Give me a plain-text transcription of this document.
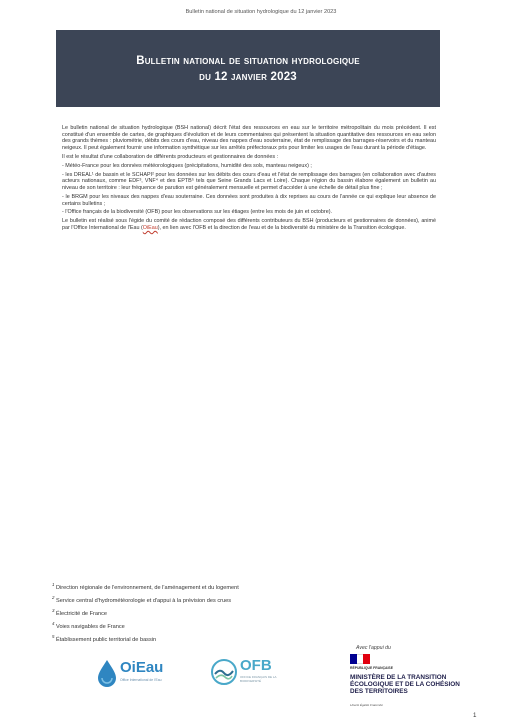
Bulletin national de situation hydrologique du 12 janvier 2023
Bulletin national de situation hydrologique
du 12 janvier 2023

Le bulletin national de situation hydrologique (BSH national) décrit l'état des ressources en eau sur le territoire métropolitain du mois précédent. Il est constitué d'un ensemble de cartes, de graphiques d'évolution et de leurs commentaires qui présentent la situation quantitative des ressources en eau selon des grands thèmes : pluviométrie, débits des cours d'eau, niveau des nappes d'eau souterraine, état de remplissage des barrages-réservoirs et du manteau neigeux. Il peut également fournir une information synthétique sur les arrêtés préfectoraux pris pour limiter les usages de l'eau durant la période d'étiage.

Il est le résultat d'une collaboration de différents producteurs et gestionnaires de données :

- Météo-France pour les données météorologiques (précipitations, humidité des sols, manteau neigeux) ;
- les DREAL¹ de bassin et le SCHAPI² pour les données sur les débits des cours d'eau et l'état de remplissage des barrages (en collaboration avec d'autres acteurs nationaux, comme EDF³, VNF⁴ et des EPTB⁵ tels que Seine Grands Lacs et Loire). Chaque région du bassin élabore également un bulletin au niveau de son territoire : leur fréquence de parution est généralement mensuelle et permet d'accéder à une échelle de détail plus fine ;
- le BRGM pour les niveaux des nappes d'eau souterraine. Ces données sont produites à dix reprises au cours de l'année ce qui explique leur absence de certains bulletins ;
- l'Office français de la biodiversité (OFB) pour les observations sur les étiages (entre les mois de juin et octobre).

Le bulletin est réalisé sous l'égide du comité de rédaction composé des différents contributeurs du BSH (producteurs et gestionnaires de données), animé par l'Office International de l'Eau (OiEau), en lien avec l'OFB et la direction de l'eau et de la biodiversité du ministère de la Transition écologique.

$^1$ Direction régionale de l'environnement, de l'aménagement et du logement
$^2$ Service central d'hydrométéorologie et d'appui à la prévision des crues
$^3$ Électricité de France
$^4$ Voies navigables de France
$^5$ Établissement public territorial de bassin
Avec l'appui du
OiEau
Office International de l'Eau
OFB
OFFICE FRANÇAIS DE LA BIODIVERSITÉ
RÉPUBLIQUE FRANÇAISE
MINISTÈRE DE LA TRANSITION ÉCOLOGIQUE ET DE LA COHÉSION DES TERRITOIRES
Liberté Égalité Fraternité
1
